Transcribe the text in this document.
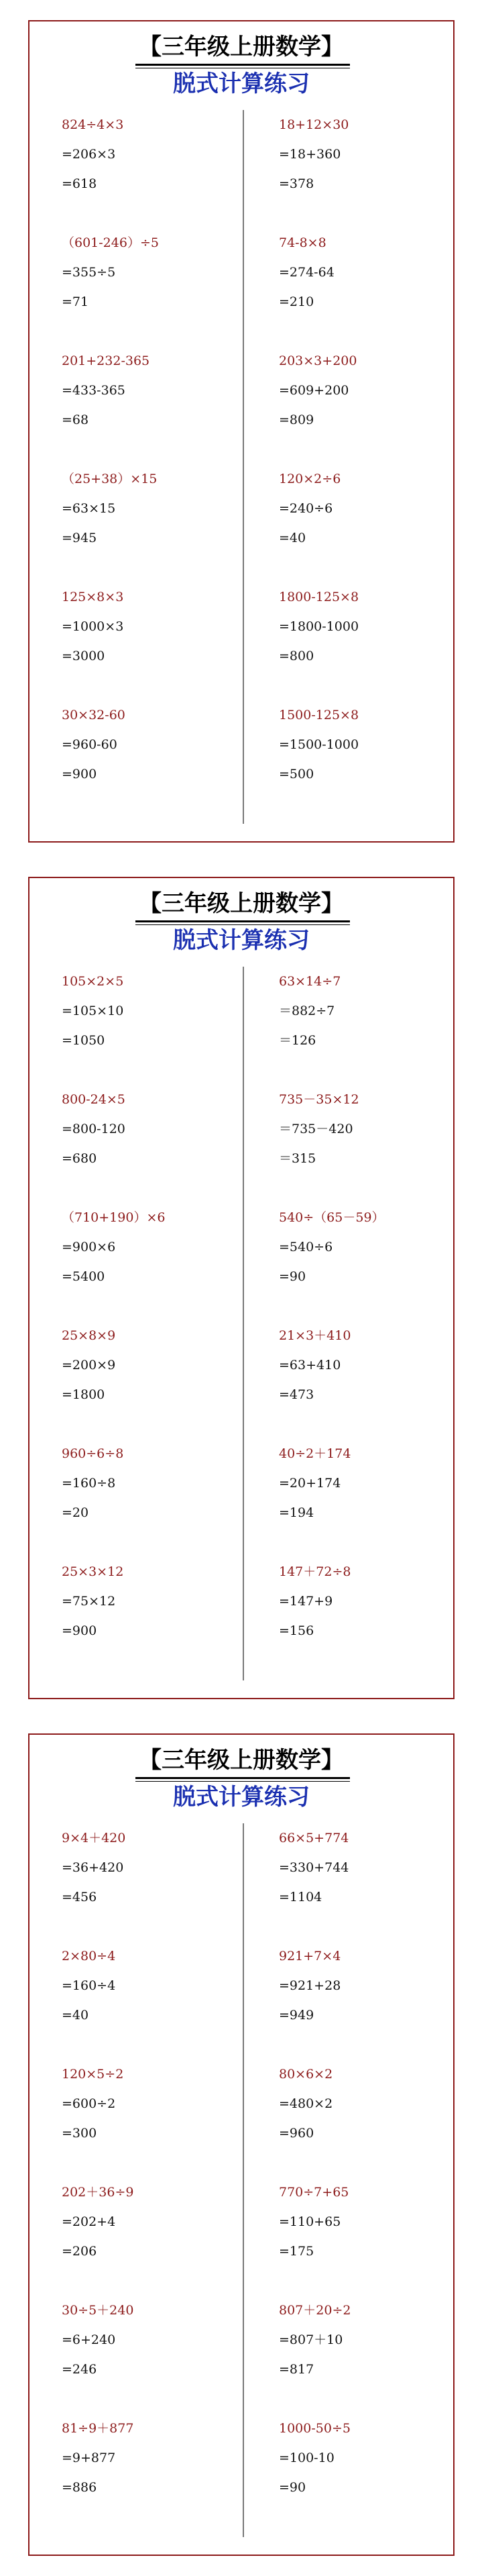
【三年级上册数学】
脱式计算练习
824÷4×3
=206×3
=618
（601-246）÷5
=355÷5
=71
201+232-365
=433-365
=68
（25+38）×15
=63×15
=945
125×8×3
=1000×3
=3000
30×32-60
=960-60
=900
18+12×30
=18+360
=378
74-8×8
=274-64
=210
203×3+200
=609+200
=809
120×2÷6
=240÷6
=40
1800-125×8
=1800-1000
=800
1500-125×8
=1500-1000
=500
【三年级上册数学】
脱式计算练习
105×2×5
=105×10
=1050
800-24×5
=800-120
=680
（710+190）×6
=900×6
=5400
25×8×9
=200×9
=1800
960÷6÷8
=160÷8
=20
25×3×12
=75×12
=900
63×14÷7
＝882÷7
＝126
735－35×12
＝735－420
＝315
540÷（65－59）
=540÷6
=90
21×3＋410
=63+410
=473
40÷2＋174
=20+174
=194
147＋72÷8
=147+9
=156
【三年级上册数学】
脱式计算练习
9×4＋420
=36+420
=456
2×80÷4
=160÷4
=40
120×5÷2
=600÷2
=300
202＋36÷9
=202+4
=206
30÷5＋240
=6+240
=246
81÷9＋877
=9+877
=886
66×5+774
=330+744
=1104
921+7×4
=921+28
=949
80×6×2
=480×2
=960
770÷7+65
=110+65
=175
807＋20÷2
=807＋10
=817
1000-50÷5
=100-10
=90
